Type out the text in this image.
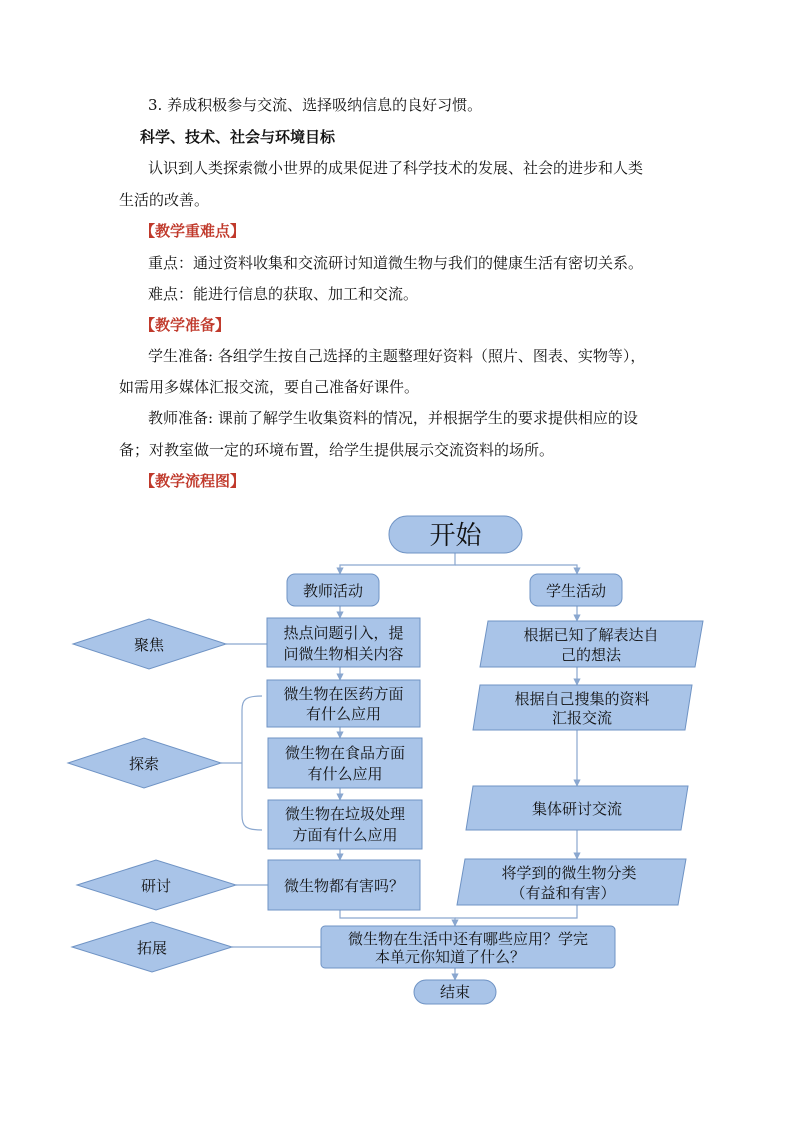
3. 养成积极参与交流、选择吸纳信息的良好习惯。
科学、技术、社会与环境目标
认识到人类探索微小世界的成果促进了科学技术的发展、社会的进步和人类
生活的改善。
【教学重难点】
重点：通过资料收集和交流研讨知道微生物与我们的健康生活有密切关系。
难点：能进行信息的获取、加工和交流。
【教学准备】
学生准备: 各组学生按自己选择的主题整理好资料（照片、图表、实物等），
如需用多媒体汇报交流，要自己准备好课件。
教师准备: 课前了解学生收集资料的情况，并根据学生的要求提供相应的设
备；对教室做一定的环境布置，给学生提供展示交流资料的场所。
【教学流程图】
开始
教师活动	学生活动
聚焦
探索
研讨
拓展
热点问题引入，提
问微生物相关内容
微生物在医药方面
有什么应用
微生物在食品方面
有什么应用
微生物在垃圾处理
方面有什么应用
微生物都有害吗？
根据已知了解表达自
己的想法
根据自己搜集的资料
汇报交流
集体研讨交流
将学到的微生物分类
（有益和有害）
微生物在生活中还有哪些应用？学完
本单元你知道了什么？
结束
